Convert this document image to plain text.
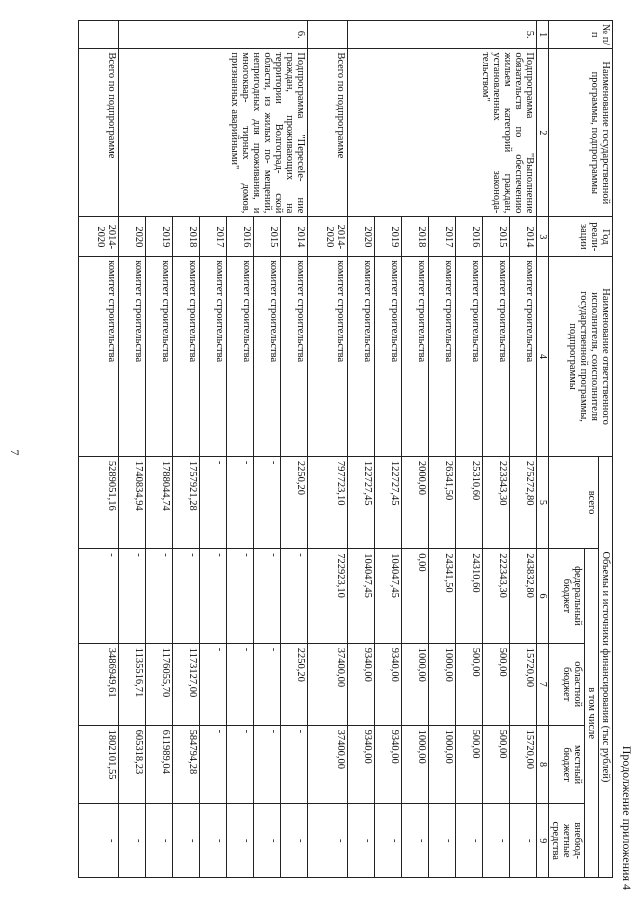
Продолжение приложения 4
№ п/п	Наименование государственной программы, подпрограммы	Год реали- зации	Наименование ответственного исполнителя, соисполнителя государственной программы, подпрограммы	Объемы и источники финансирования (тыс рублей)				
				всего	в том числе			
					федеральный бюджет	областной бюджет	местный бюджет	внебюд- жетные средства
1	2	3	4	5	6	7	8	9
5.	Подпрограмма "Выполнение обязательств по обеспечению жильем категорий граждан, установленных законода- тельством"	2014	комитет строительства	275272,80	243832,80	15720,00	15720,00	-
		2015	комитет строительства	223343,30	222343,30	500,00	500,00	-
		2016	комитет строительства	25310,60	24310,60	500,00	500,00	-
		2017	комитет строительства	26341,50	24341,50	1000,00	1000,00	-
		2018	комитет строительства	2000,00	0,00	1000,00	1000,00	-
		2019	комитет строительства	122727,45	104047,45	9340,00	9340,00	-
		2020	комитет строительства	122727,45	104047,45	9340,00	9340,00	-
	Всего по подпрограмме	2014- 2020	комитет строительства	797723,10	722923,10	37400,00	37400,00	-
6.	Подпрограмма "Пересele- ние граждан, проживающих на территории Волгоград- ской области, из жилых по- мещений, непригодных для проживания, и многоквар- тирных домов, признанных аварийными"	2014	комитет строительства	2250,20	-	2250,20	-	-
		2015	комитет строительства	-	-	-	-	-
		2016	комитет строительства	-	-	-	-	-
		2017	комитет строительства	-	-	-	-	-
		2018	комитет строительства	1757921,28	-	1173127,00	584794,28	-
		2019	комитет строительства	1788044,74	-	1176055,70	611989,04	-
		2020	комитет строительства	1740834,94	-	1135516,71	605318,23	-
	Всего по подпрограмме	2014- 2020	комитет строительства	5289051,16	-	3486949,61	1802101,55	-
7
